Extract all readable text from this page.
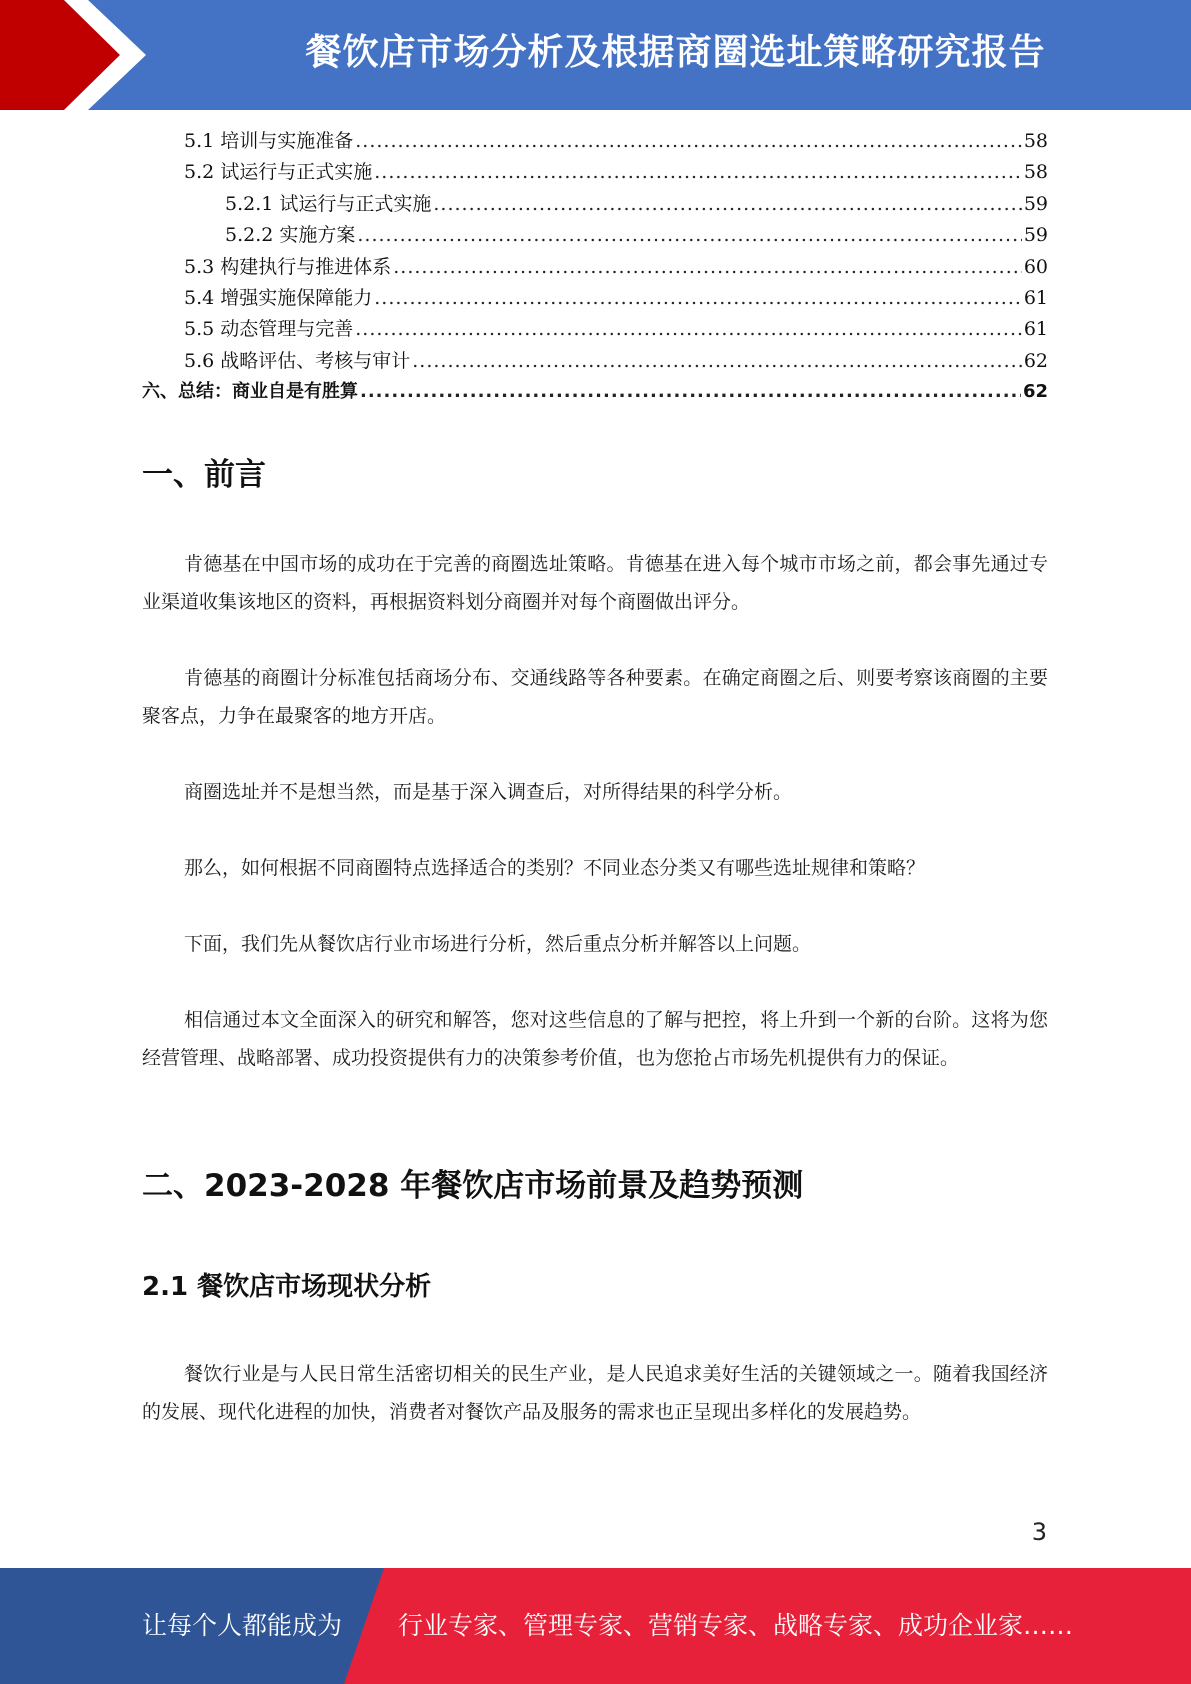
餐饮店市场分析及根据商圈选址策略研究报告
5.1 培训与实施准备 .....	58
5.2 试运行与正式实施 .....	58
5.2.1 试运行与正式实施 .....	59
5.2.2 实施方案 .....	59
5.3 构建执行与推进体系 .....	60
5.4 增强实施保障能力 .....	61
5.5 动态管理与完善 .....	61
5.6 战略评估、考核与审计 .....	62
六、总结：商业自是有胜算 .....	62
一、前言

肯德基在中国市场的成功在于完善的商圈选址策略。肯德基在进入每个城市市场之前，都会事先通过专业渠道收集该地区的资料，再根据资料划分商圈并对每个商圈做出评分。

肯德基的商圈计分标准包括商场分布、交通线路等各种要素。在确定商圈之后、则要考察该商圈的主要聚客点，力争在最聚客的地方开店。

商圈选址并不是想当然，而是基于深入调查后，对所得结果的科学分析。

那么，如何根据不同商圈特点选择适合的类别？不同业态分类又有哪些选址规律和策略？

下面，我们先从餐饮店行业市场进行分析，然后重点分析并解答以上问题。

相信通过本文全面深入的研究和解答，您对这些信息的了解与把控，将上升到一个新的台阶。这将为您经营管理、战略部署、成功投资提供有力的决策参考价值，也为您抢占市场先机提供有力的保证。

二、2023-2028 年餐饮店市场前景及趋势预测
2.1 餐饮店市场现状分析

餐饮行业是与人民日常生活密切相关的民生产业，是人民追求美好生活的关键领域之一。随着我国经济的发展、现代化进程的加快，消费者对餐饮产品及服务的需求也正呈现出多样化的发展趋势。

3
让每个人都能成为 行业专家、管理专家、营销专家、战略专家、成功企业家……
